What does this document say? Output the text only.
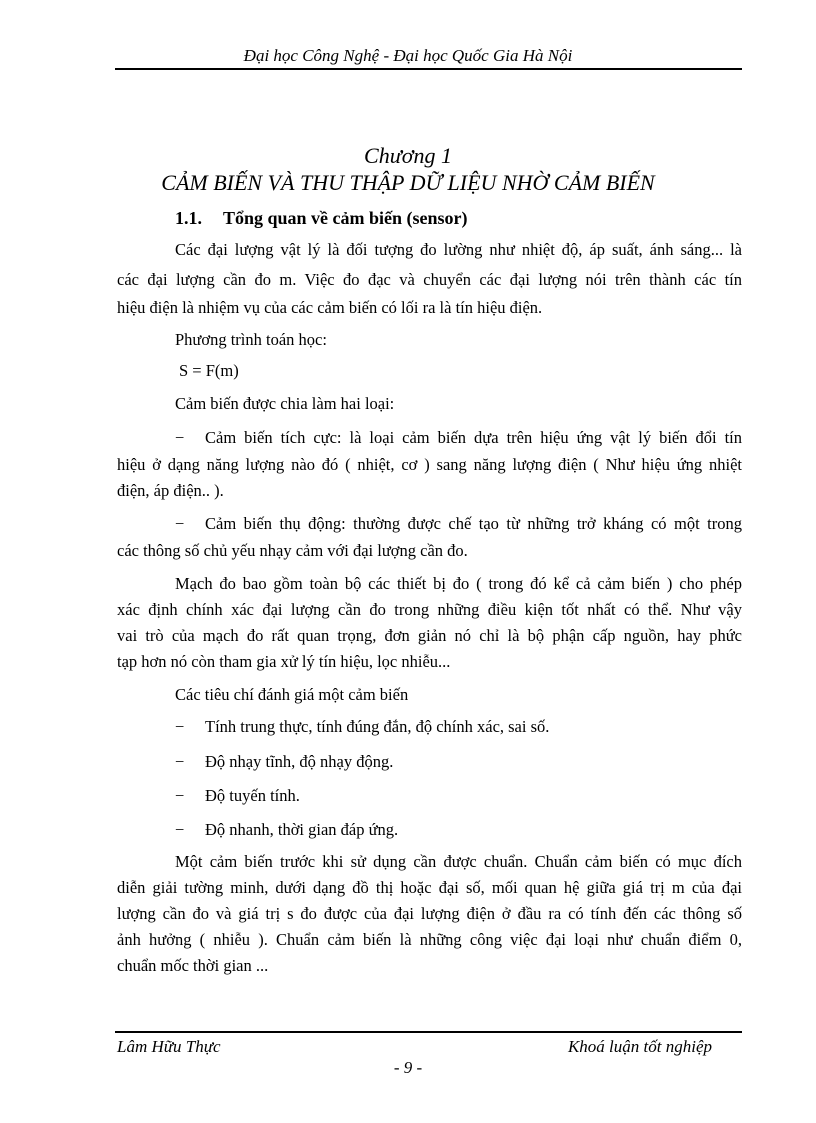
Đại học Công Nghệ - Đại học Quốc Gia Hà Nội
Chương 1
CẢM BIẾN VÀ THU THẬP DỮ LIỆU NHỜ CẢM BIẾN
1.1. Tổng quan về cảm biến (sensor)
Các đại lượng vật lý là đối tượng đo lường như nhiệt độ, áp suất, ánh sáng... là
các đại lượng cần đo m. Việc đo đạc và chuyển các đại lượng nói trên thành các tín
hiệu điện là nhiệm vụ của các cảm biến có lối ra là tín hiệu điện.
Phương trình toán học:
S = F(m)
Cảm biến được chia làm hai loại:
− Cảm biến tích cực: là loại cảm biến dựa trên hiệu ứng vật lý biến đổi tín
hiệu ở dạng năng lượng nào đó ( nhiệt, cơ ) sang năng lượng điện ( Như hiệu ứng nhiệt
điện, áp điện.. ).
− Cảm biến thụ động: thường được chế tạo từ những trở kháng có một trong
các thông số chủ yếu nhạy cảm với đại lượng cần đo.
Mạch đo bao gồm toàn bộ các thiết bị đo ( trong đó kể cả cảm biến ) cho phép
xác định chính xác đại lượng cần đo trong những điều kiện tốt nhất có thể. Như vậy
vai trò của mạch đo rất quan trọng, đơn giản nó chỉ là bộ phận cấp nguồn, hay phức
tạp hơn nó còn tham gia xử lý tín hiệu, lọc nhiễu...
Các tiêu chí đánh giá một cảm biến
− Tính trung thực, tính đúng đắn, độ chính xác, sai số.
− Độ nhạy tĩnh, độ nhạy động.
− Độ tuyến tính.
− Độ nhanh, thời gian đáp ứng.
Một cảm biến trước khi sử dụng cần được chuẩn. Chuẩn cảm biến có mục đích
diễn giải tường minh, dưới dạng đồ thị hoặc đại số, mối quan hệ giữa giá trị m của đại
lượng cần đo và giá trị s đo được của đại lượng điện ở đầu ra có tính đến các thông số
ảnh hưởng ( nhiễu ). Chuẩn cảm biến là những công việc đại loại như chuẩn điểm 0,
chuẩn mốc thời gian ...
Lâm Hữu Thực	Khoá luận tốt nghiệp
- 9 -
